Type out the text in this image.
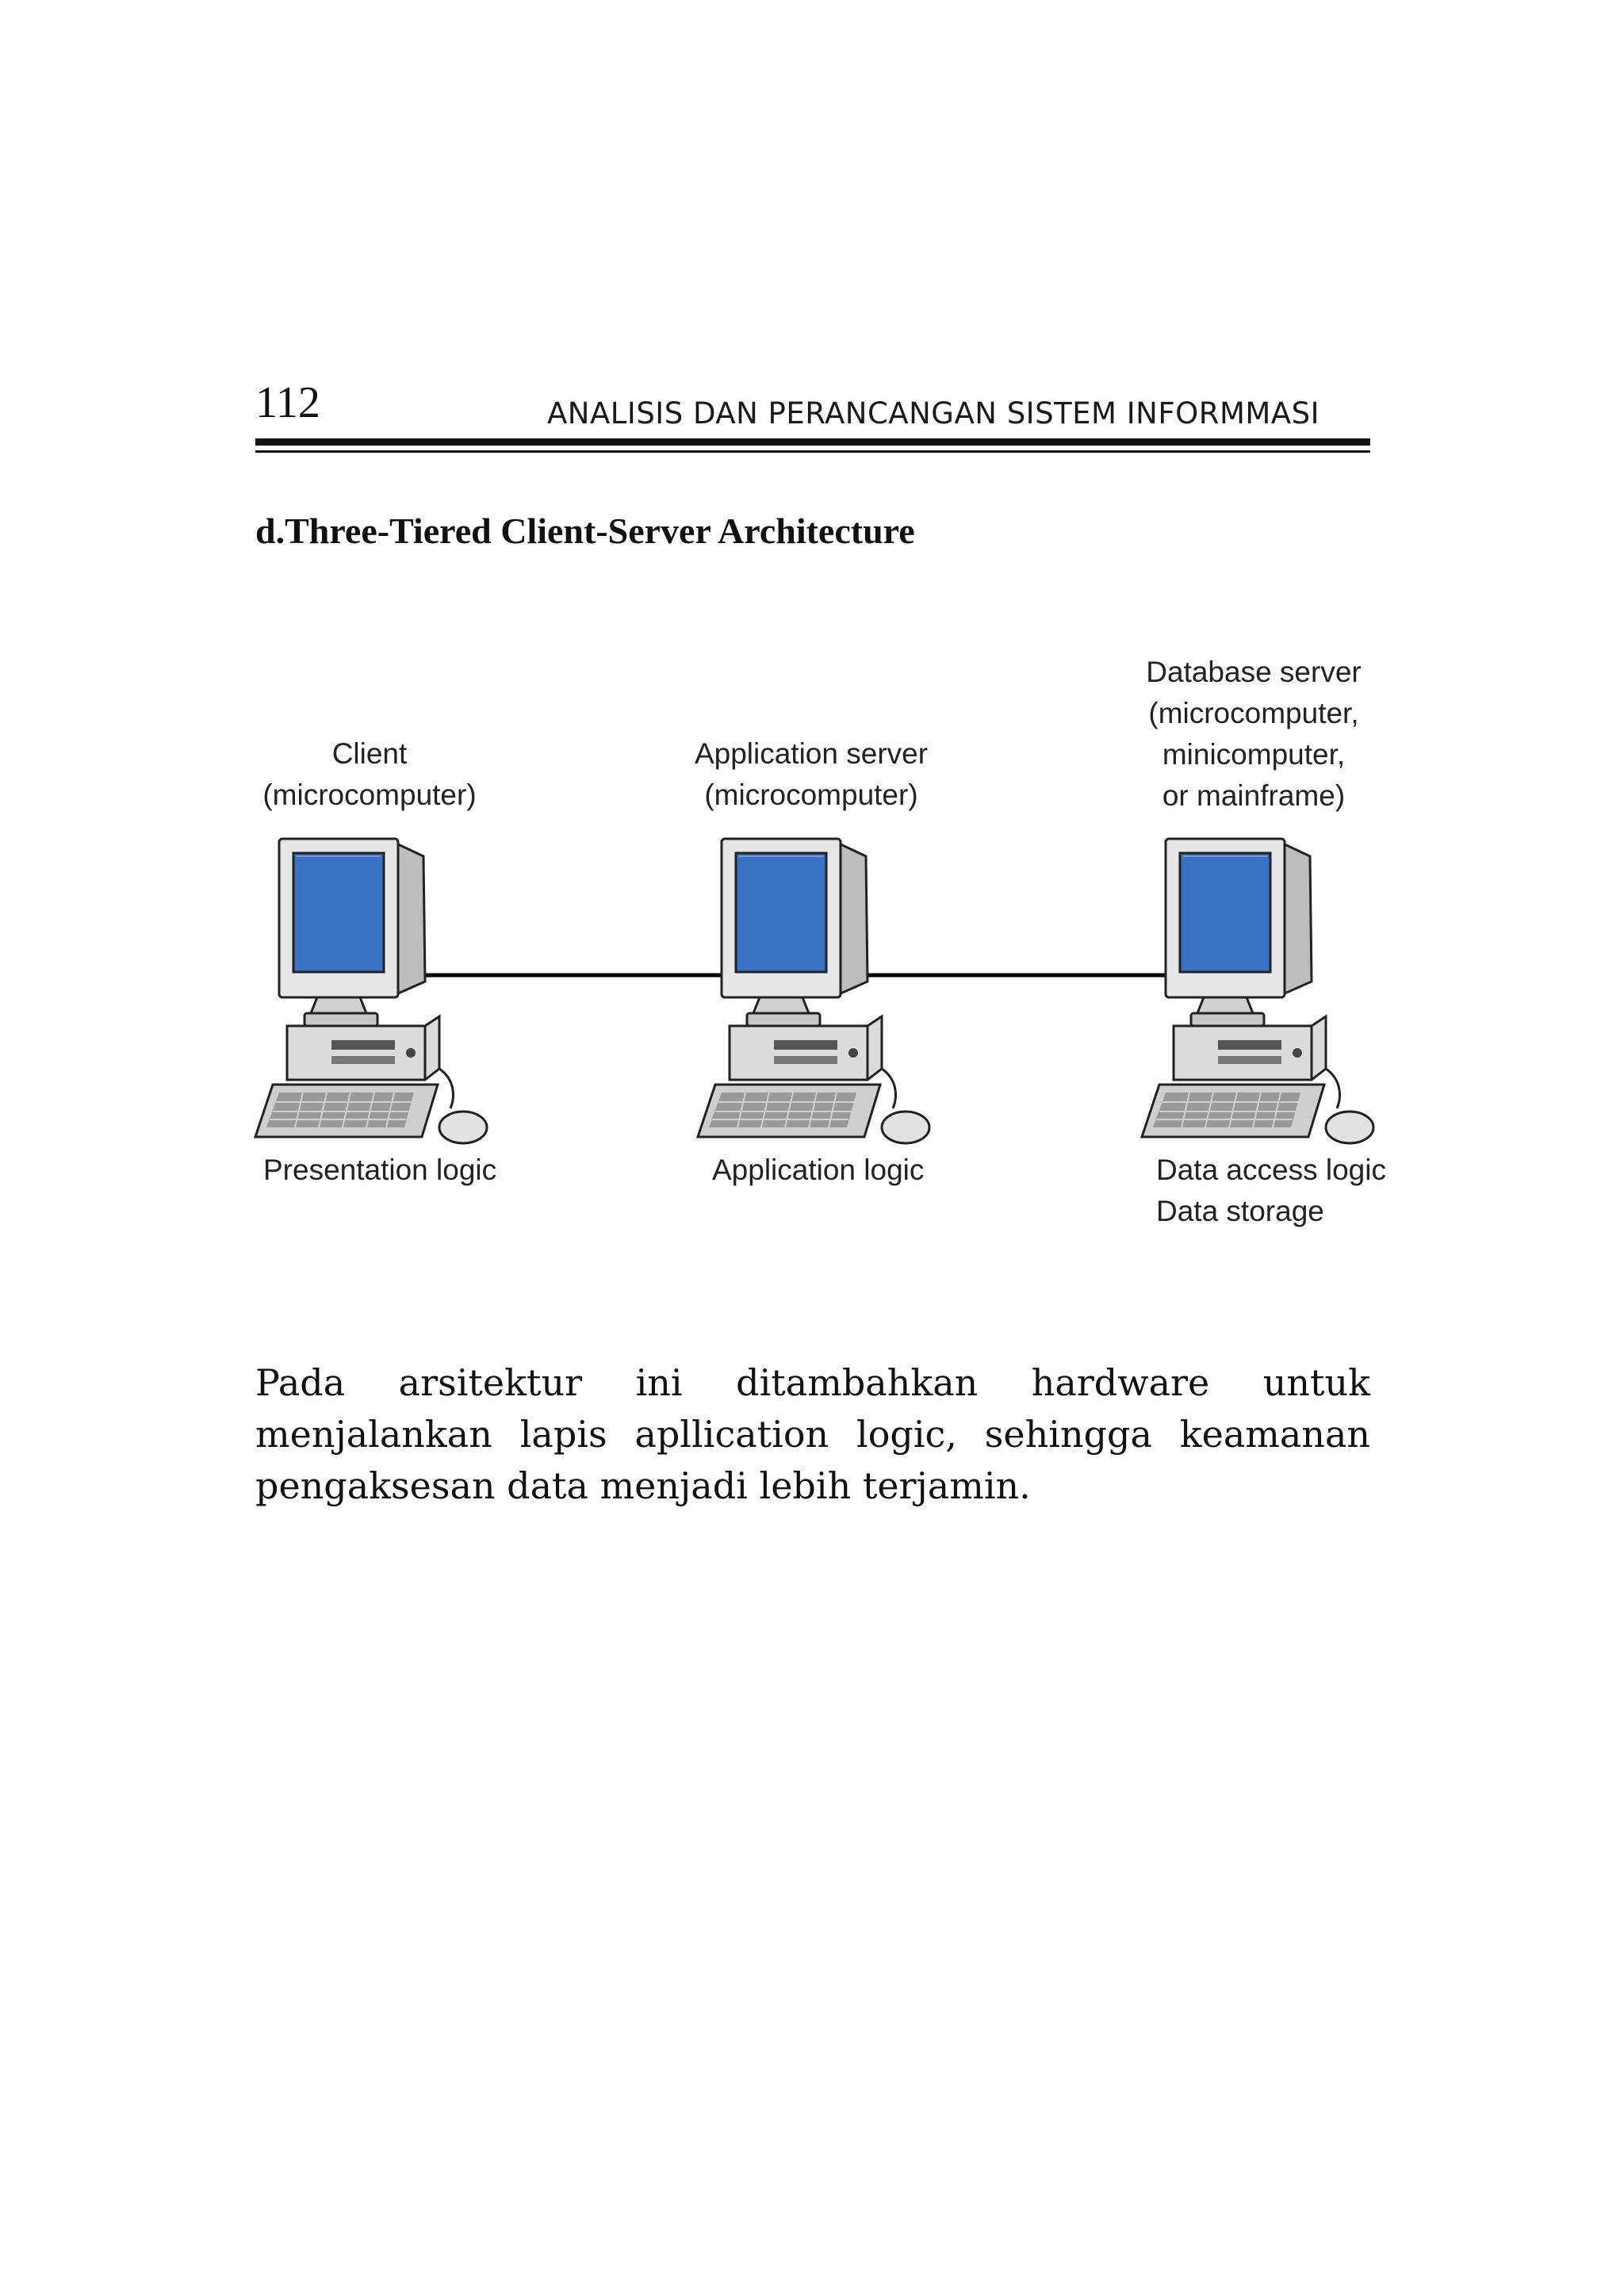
112	ANALISIS DAN PERANCANGAN SISTEM INFORMMASI
d.Three-Tiered Client-Server Architecture
Client
(microcomputer)
Presentation logic
Application server
(microcomputer)
Application logic
Database server
(microcomputer,
minicomputer,
or mainframe)
Data access logic
Data storage
Pada arsitektur ini ditambahkan hardware untuk menjalankan lapis apllication logic, sehingga keamanan pengaksesan data menjadi lebih terjamin.
